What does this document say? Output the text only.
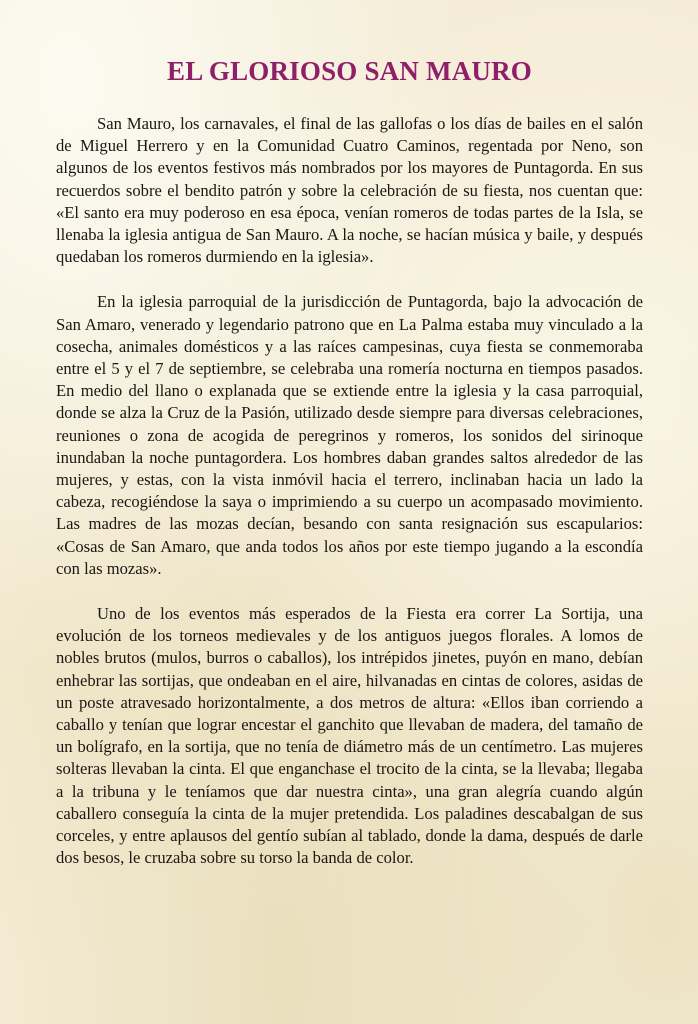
EL GLORIOSO SAN MAURO

San Mauro, los carnavales, el final de las gallofas o los días de bailes en el salón de Miguel Herrero y en la Comunidad Cuatro Caminos, regentada por Neno, son algunos de los eventos festivos más nombrados por los mayores de Puntagorda. En sus recuerdos sobre el bendito patrón y sobre la celebración de su fiesta, nos cuentan que: «El santo era muy poderoso en esa época, venían romeros de todas partes de la Isla, se llenaba la iglesia antigua de San Mauro. A la noche, se hacían música y baile, y después quedaban los romeros durmiendo en la iglesia».

En la iglesia parroquial de la jurisdicción de Puntagorda, bajo la advocación de San Amaro, venerado y legendario patrono que en La Palma estaba muy vinculado a la cosecha, animales domésticos y a las raíces campesinas, cuya fiesta se conmemoraba entre el 5 y el 7 de septiembre, se celebraba una romería nocturna en tiempos pasados. En medio del llano o explanada que se extiende entre la iglesia y la casa parroquial, donde se alza la Cruz de la Pasión, utilizado desde siempre para diversas celebraciones, reuniones o zona de acogida de peregrinos y romeros, los sonidos del sirinoque inundaban la noche puntagordera. Los hombres daban grandes saltos alrededor de las mujeres, y estas, con la vista inmóvil hacia el terrero, inclinaban hacia un lado la cabeza, recogiéndose la saya o imprimiendo a su cuerpo un acompasado movimiento. Las madres de las mozas decían, besando con santa resignación sus escapularios: «Cosas de San Amaro, que anda todos los años por este tiempo jugando a la escondía con las mozas».

Uno de los eventos más esperados de la Fiesta era correr La Sortija, una evolución de los torneos medievales y de los antiguos juegos florales. A lomos de nobles brutos (mulos, burros o caballos), los intrépidos jinetes, puyón en mano, debían enhebrar las sortijas, que ondeaban en el aire, hilvanadas en cintas de colores, asidas de un poste atravesado horizontalmente, a dos metros de altura: «Ellos iban corriendo a caballo y tenían que lograr encestar el ganchito que llevaban de madera, del tamaño de un bolígrafo, en la sortija, que no tenía de diámetro más de un centímetro. Las mujeres solteras llevaban la cinta. El que enganchase el trocito de la cinta, se la llevaba; llegaba a la tribuna y le teníamos que dar nuestra cinta», una gran alegría cuando algún caballero conseguía la cinta de la mujer pretendida. Los paladines descabalgan de sus corceles, y entre aplausos del gentío subían al tablado, donde la dama, después de darle dos besos, le cruzaba sobre su torso la banda de color.
